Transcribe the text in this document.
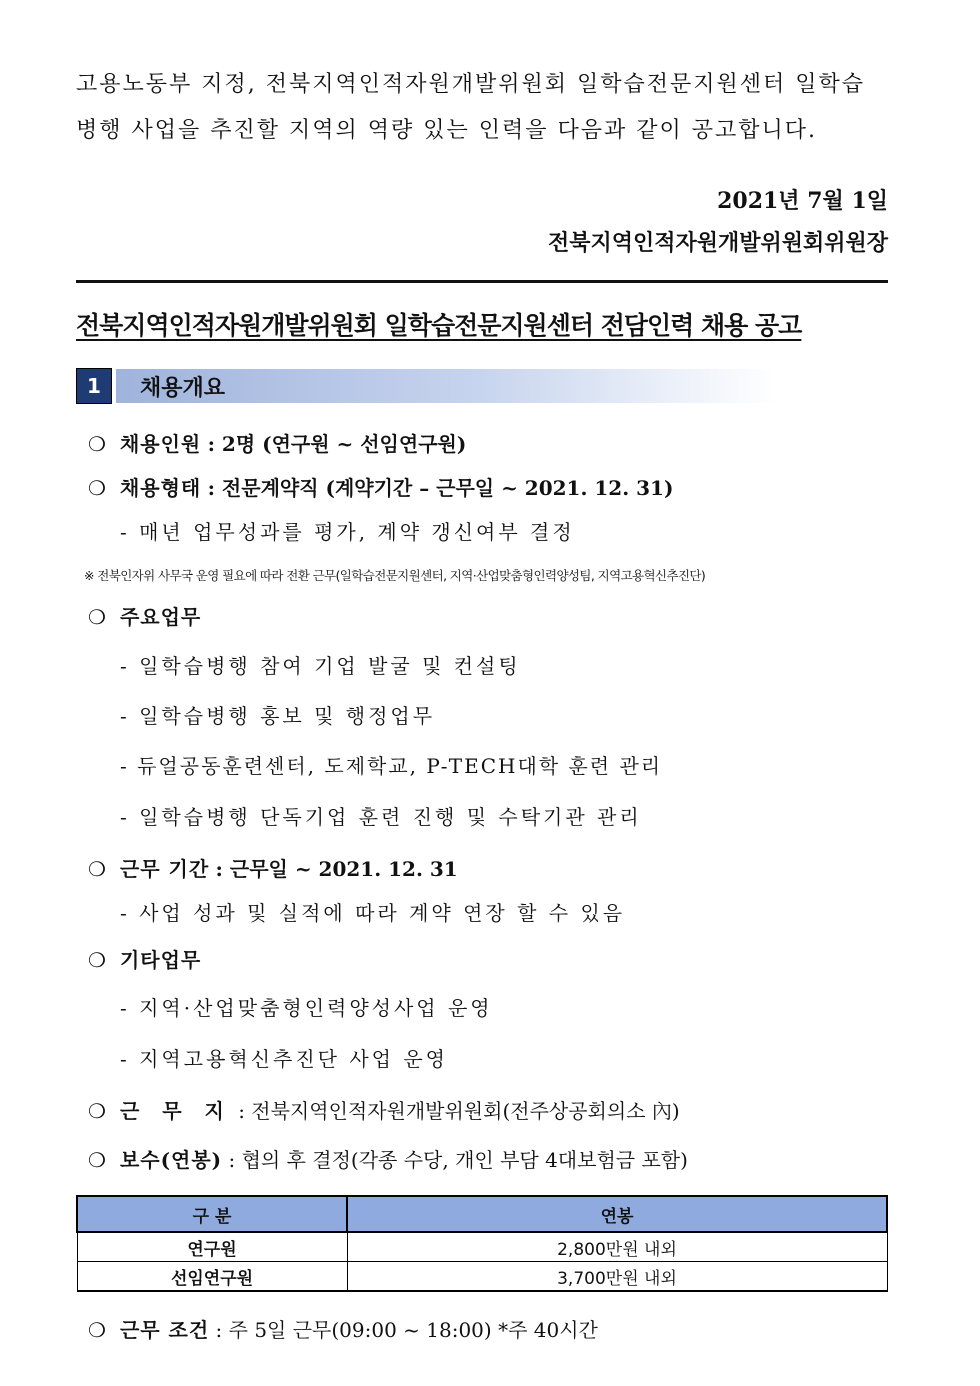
고용노동부 지정, 전북지역인적자원개발위원회 일학습전문지원센터 일학습
병행 사업을 추진할 지역의 역량 있는 인력을 다음과 같이 공고합니다.
2021년 7월 1일
전북지역인적자원개발위원회위원장
전북지역인적자원개발위원회 일학습전문지원센터 전담인력 채용 공고
1	채용개요
❍ 채용인원 : 2명 (연구원 ~ 선임연구원)
❍ 채용형태 : 전문계약직 (계약기간 – 근무일 ~ 2021. 12. 31)
- 매년 업무성과를 평가, 계약 갱신여부 결정
※ 전북인자위 사무국 운영 필요에 따라 전환 근무(일학습전문지원센터, 지역·산업맞춤형인력양성팀, 지역고용혁신추진단)
❍ 주요업무
- 일학습병행 참여 기업 발굴 및 컨설팅
- 일학습병행 홍보 및 행정업무
- 듀얼공동훈련센터, 도제학교, P-TECH대학 훈련 관리
- 일학습병행 단독기업 훈련 진행 및 수탁기관 관리
❍ 근무 기간 : 근무일 ~ 2021. 12. 31
- 사업 성과 및 실적에 따라 계약 연장 할 수 있음
❍ 기타업무
- 지역·산업맞춤형인력양성사업 운영
- 지역고용혁신추진단 사업 운영
❍ 근 무 지 : 전북지역인적자원개발위원회(전주상공회의소 內)
❍ 보수(연봉) : 협의 후 결정(각종 수당, 개인 부담 4대보험금 포함)
구 분	연봉
연구원	2,800만원 내외
선임연구원	3,700만원 내외
❍ 근무 조건 : 주 5일 근무(09:00 ~ 18:00) *주 40시간
